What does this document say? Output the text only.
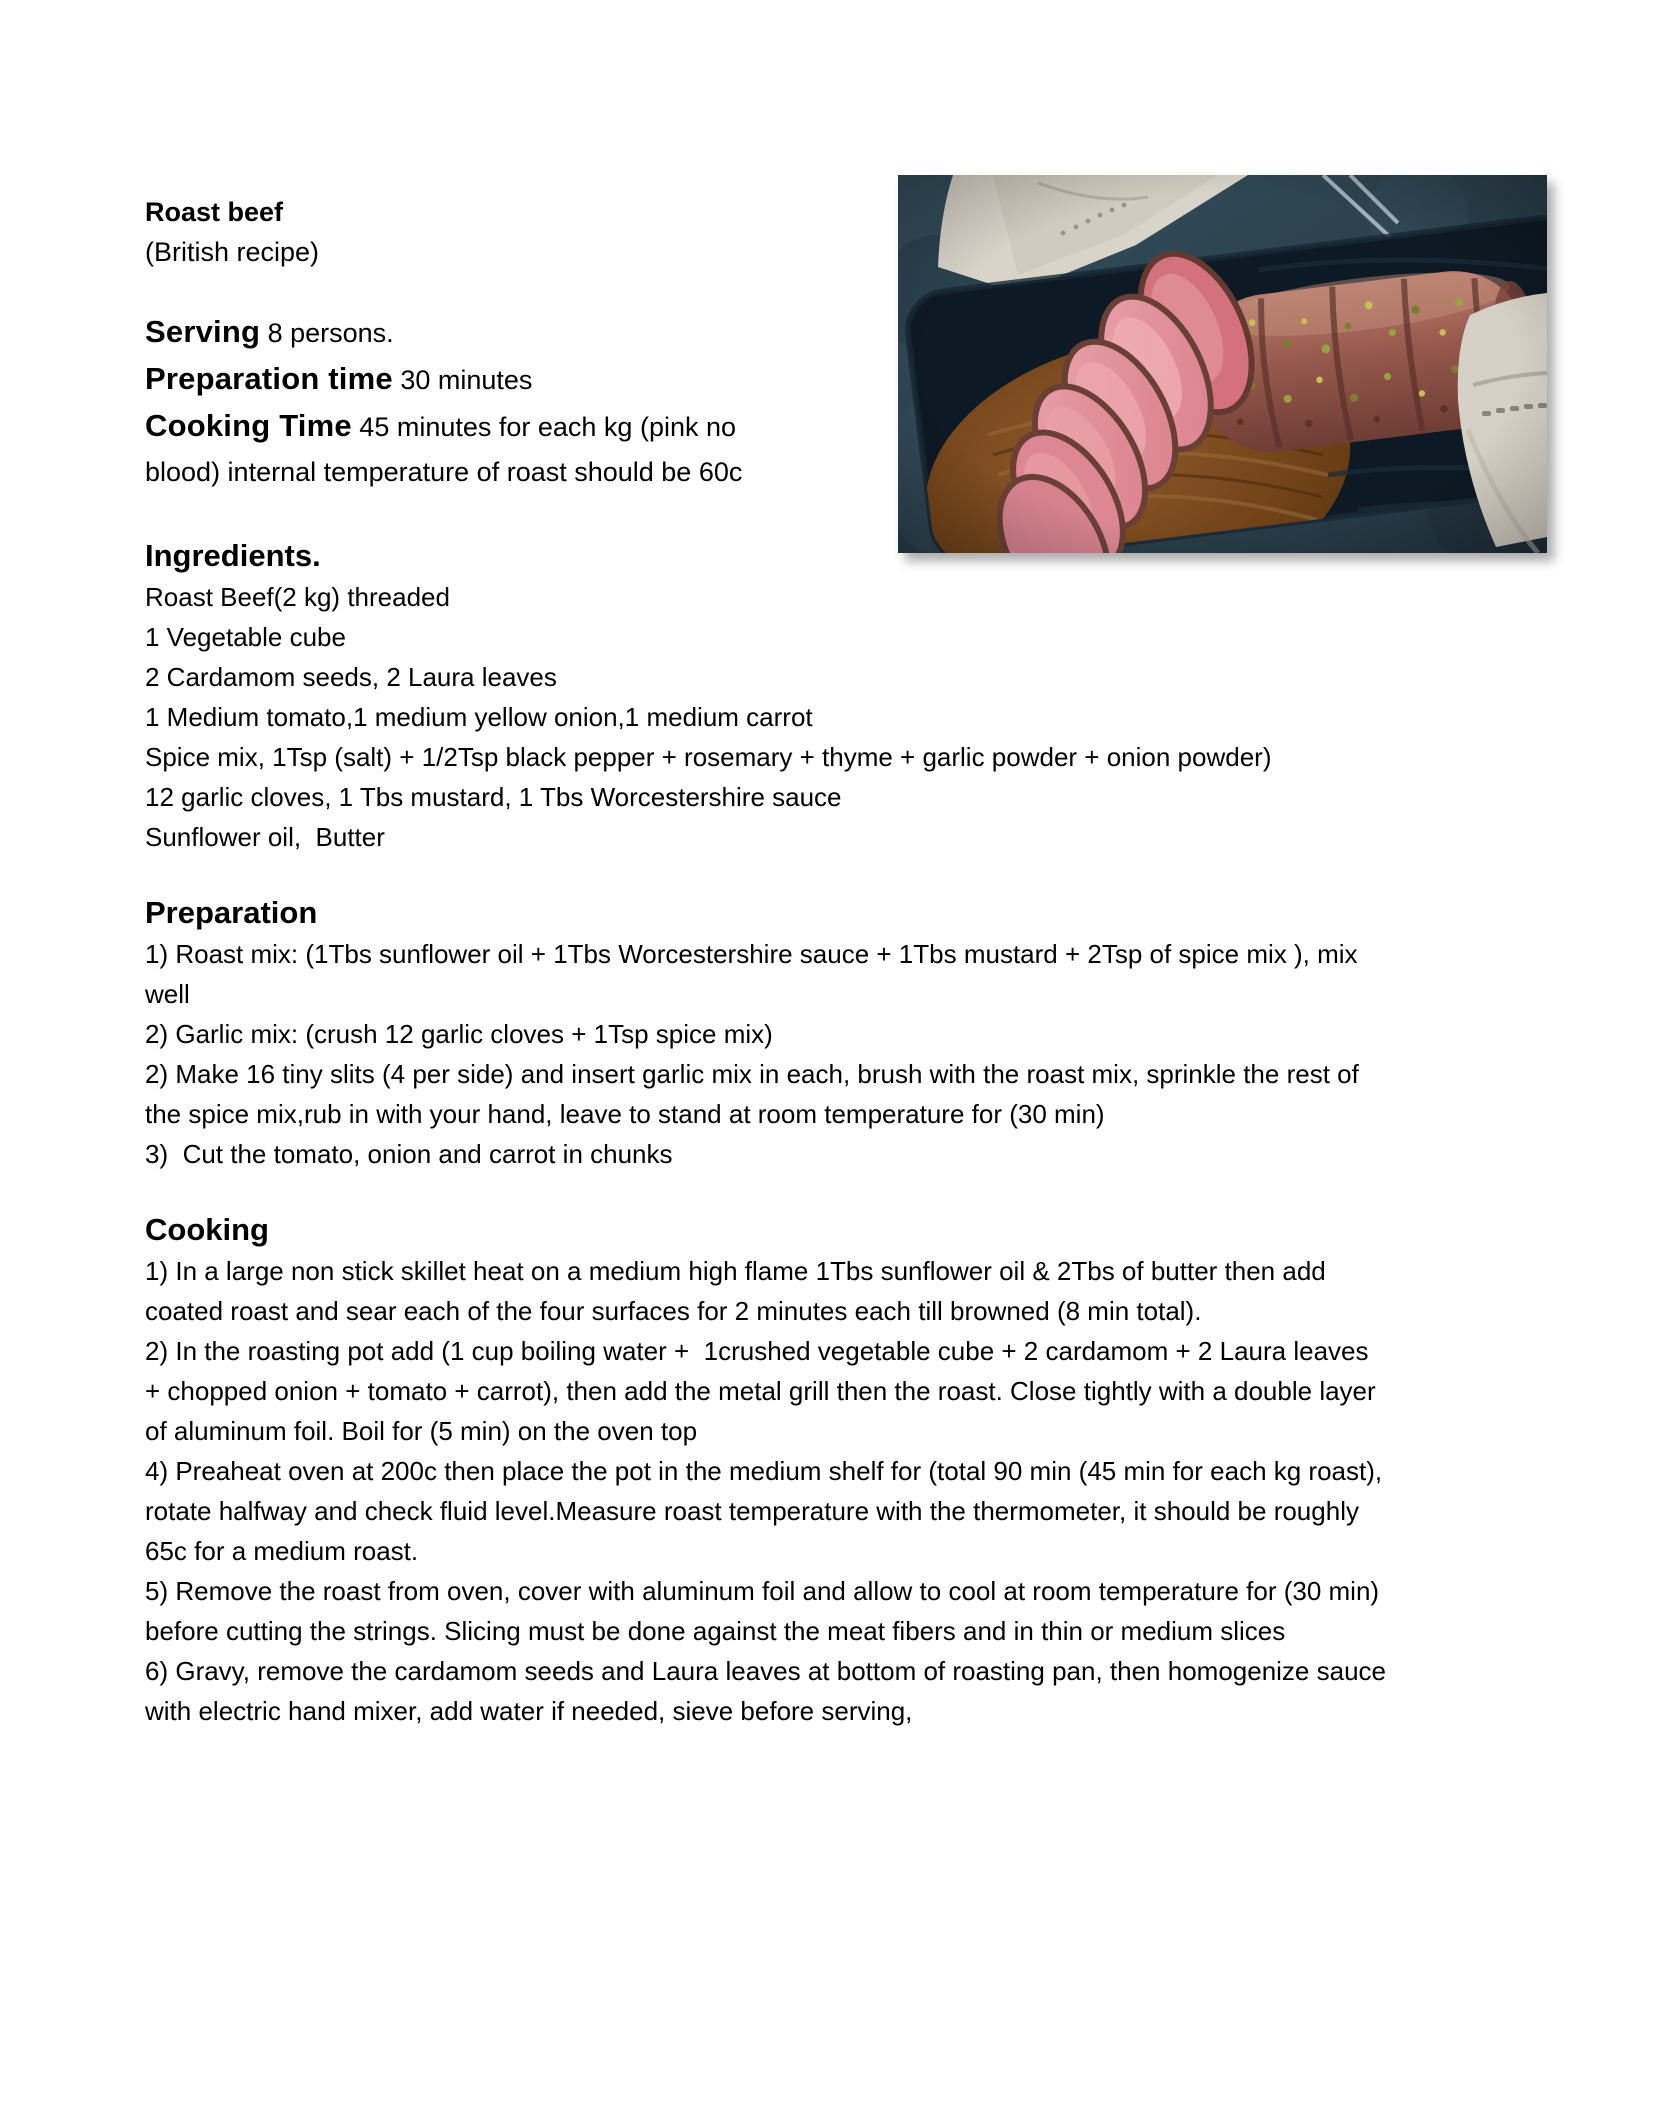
Roast beef

(British recipe)

Serving 8 persons.

Preparation time 30 minutes

Cooking Time 45 minutes for each kg (pink no blood) internal temperature of roast should be 60c

Ingredients.

Roast Beef(2 kg) threaded

1 Vegetable cube

2 Cardamom seeds, 2 Laura leaves

1 Medium tomato,1 medium yellow onion,1 medium carrot

Spice mix, 1Tsp (salt) + 1/2Tsp black pepper + rosemary + thyme + garlic powder + onion powder)

12 garlic cloves, 1 Tbs mustard, 1 Tbs Worcestershire sauce

Sunflower oil,  Butter

Preparation

1) Roast mix: (1Tbs sunflower oil + 1Tbs Worcestershire sauce + 1Tbs mustard + 2Tsp of spice mix ), mix well

2) Garlic mix: (crush 12 garlic cloves + 1Tsp spice mix)

2) Make 16 tiny slits (4 per side) and insert garlic mix in each, brush with the roast mix, sprinkle the rest of the spice mix,rub in with your hand, leave to stand at room temperature for (30 min)

3)  Cut the tomato, onion and carrot in chunks

Cooking

1) In a large non stick skillet heat on a medium high flame 1Tbs sunflower oil & 2Tbs of butter then add coated roast and sear each of the four surfaces for 2 minutes each till browned (8 min total).

2) In the roasting pot add (1 cup boiling water +  1crushed vegetable cube + 2 cardamom + 2 Laura leaves + chopped onion + tomato + carrot), then add the metal grill then the roast. Close tightly with a double layer of aluminum foil. Boil for (5 min) on the oven top

4) Preaheat oven at 200c then place the pot in the medium shelf for (total 90 min (45 min for each kg roast), rotate halfway and check fluid level.Measure roast temperature with the thermometer, it should be roughly 65c for a medium roast.

5) Remove the roast from oven, cover with aluminum foil and allow to cool at room temperature for (30 min) before cutting the strings. Slicing must be done against the meat fibers and in thin or medium slices

6) Gravy, remove the cardamom seeds and Laura leaves at bottom of roasting pan, then homogenize sauce with electric hand mixer, add water if needed, sieve before serving,
